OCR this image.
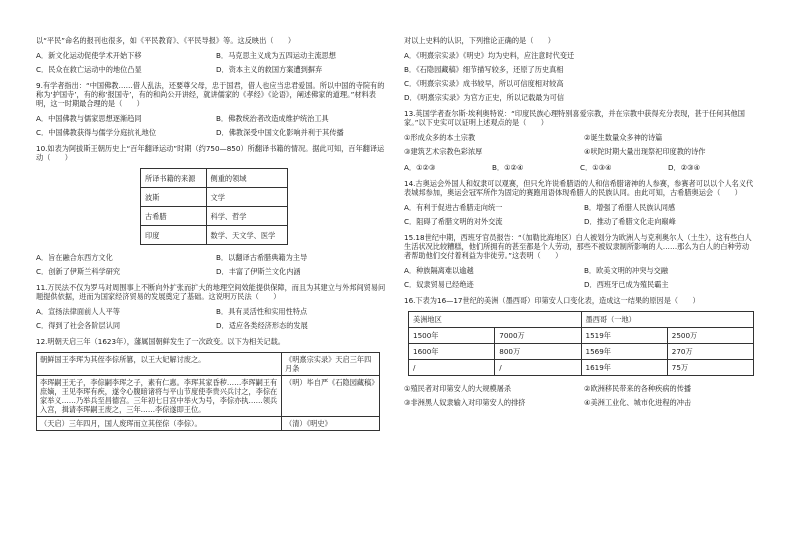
以“平民”命名的报刊也很多，如《平民教育》、《平民导报》等。这反映出（　　）

A．新文化运动促使学术开始下移	B．马克思主义成为五四运动主流思想
C．民众在救亡运动中的地位凸显	D．资本主义的救国方案遭到摒弃

9.有学者指出：“中国佛教……借人乱法，还要尊父母，忠于国君，借人也应当忠君爱国。所以中国的寺院有的称为‘护国寺’，有的称‘报国寺’，有的和尚公开讲经，就讲儒家的《孝经》《论语》，阐述佛家的道理。”材料表明，这一时期最合理的是（　　）

A．中国佛教与儒家思想逐渐趋同	B．佛教统治者改造成维护统治工具
C．中国佛教获得与儒学分庭抗礼地位	D．佛教深受中国文化影响并利于其传播

10.如表为阿拔斯王朝历史上“百年翻译运动”时期（约750—850）所翻译书籍的情况。据此可知，百年翻译运动（　　）

所译书籍的来源	侧重的领域
波斯	文学
古希腊	科学、哲学
印度	数学、天文学、医学
A．旨在融合东西方文化	B．以翻译古希腊典籍为主导
C．创新了伊斯兰科学研究	D．丰富了伊斯兰文化内涵

11.万民法不仅为罗马对周围事上不断向外扩张而扩大的地理空间效能提供保障，而且为其建立与外邦间贸易问题提供依据，进而为国家经济贸易的发展奠定了基础。这说明万民法（　　）

A．宣扬法律面前人人平等	B．具有灵活性和实用性特点
C．得到了社会各阶层认同	D．适应各类经济形态的发展

12.明朝天启三年（1623年），藩属国朝鲜发生了一次政变。以下为相关记载。

朝鲜国王李珲为其侄李倧所篡，以王大妃解讨废之。	《明熹宗实录》天启三年四月条
李珲嗣王无子，李倧嗣李珲之子，素有仁惠。李珲其家昏秽……李珲嗣王有庶嫡，王见李珲有疾，遂令心腹暗诸将与平山节度使李贵兴兵讨之，李倧在家举义……乃举兵至昌德宫。三年初七日宫中举火为号，李倧亦执……领兵入宫，揖请李珲嗣王废之，三年……李倧遂即王位。	（明）毕自严《石隐园藏稿》
（天启）三年四月，国人废珲而立其侄倧（李倧）。	（清）《明史》

对以上史料的认识，下列推论正确的是（　　）

A．《明熹宗实录》《明史》均为史料，应注意时代变迁
B．《石隐园藏稿》细节描写较多，还原了历史真相
C．《明熹宗实录》成书较早，所以可信度相对较高
D．《明熹宗实录》为官方正史，所以记载最为可信

13.英国学者查尔斯·埃利奥特说：“印度民族心理特别喜爱宗教，并在宗教中获得充分表现，甚于任何其他国家。”以下史实可以证明上述观点的是（　　）

①形成众多的本土宗教	②诞生数量众多神的诗篇
③建筑艺术宗教色彩浓厚	④吠陀时期大量出现祭祀印度教的诗作
A．①②③	B．①②④	C．①③④	D．②③④

14.古奥运会外国人和奴隶可以观赛，但只允许说希腊语的人和信希腊诸神的人参赛，参赛者可以以个人名义代表城邦参加，奥运会冠军所作为固定的赛跑用语体现希腊人的民族认同。由此可知，古希腊奥运会（　　）

A．有利于促进古希腊走向统一	B．增强了希腊人民族认同感
C．阻碍了希腊文明的对外交流	D．推动了希腊文化走向巅峰

15.18世纪中期，西班牙官员报告：“（加勒比海地区）白人被划分为欧洲人与克利奥尔人（土生），这有些白人生活状况比较糟糕，他们所拥有的甚至都是个人劳动，那些不被奴隶制所影响的人……那么为白人的白种劳动者帮助他们交付着利益为非徒劳。”这表明（　　）

A．种族隔离难以逾越	B．欧美文明的冲突与交融
C．奴隶贸易已经绝迹	D．西班牙已成为殖民霸主

16.下表为16—17世纪的美洲（墨西哥）印第安人口变化表，造成这一结果的原因是（　　）

美洲地区		墨西哥（一地）	
1500年	7000万	1519年	2500万
1600年	800万	1569年	270万
/	/	1619年	75万
①殖民者对印第安人的大规模屠杀	②欧洲移民带来的各种疾病的传播
③非洲黑人奴隶输入对印第安人的排挤	④美洲工业化、城市化进程的冲击
